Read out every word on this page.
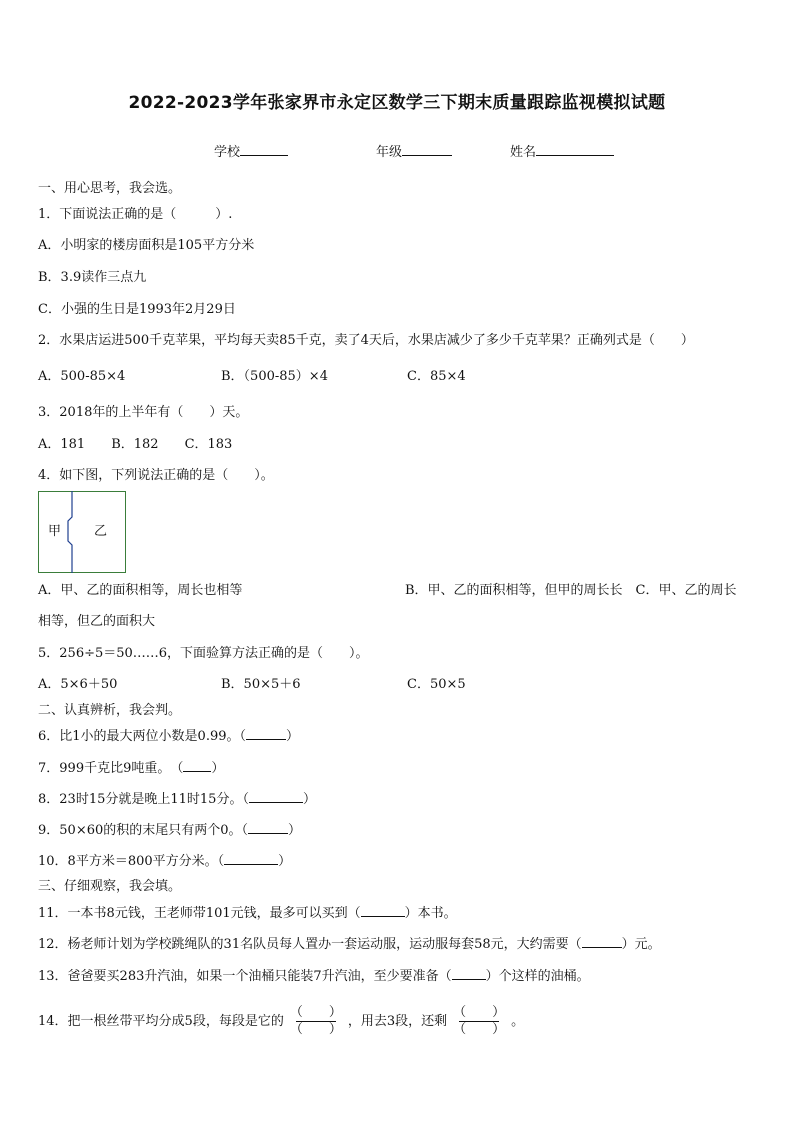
2022-2023学年张家界市永定区数学三下期末质量跟踪监视模拟试题
学校	年级	姓名
一、用心思考，我会选。
1．下面说法正确的是（　　　）.
A．小明家的楼房面积是105平方分米
B．3.9读作三点九
C．小强的生日是1993年2月29日
2．水果店运进500千克苹果，平均每天卖85千克，卖了4天后，水果店减少了多少千克苹果？正确列式是（　　）
A．500-85×4	B．（500-85）×4	C．85×4
3．2018年的上半年有（　　）天。
A．181　　B．182　　C．183
4．如下图，下列说法正确的是（　　）。
甲	乙
A．甲、乙的面积相等，周长也相等	B．甲、乙的面积相等，但甲的周长长　C．甲、乙的周长
相等，但乙的面积大
5．256÷5＝50……6，下面验算方法正确的是（　　）。
A．5×6＋50	B．50×5＋6	C．50×5
二、认真辨析，我会判。
6．比1小的最大两位小数是0.99。（	）
7．999千克比9吨重。　（ ）
8．23时15分就是晚上11时15分。（	）
9．50×60的积的末尾只有两个0。（	）
10．8平方米＝800平方分米。（	）
三、仔细观察，我会填。
11．一本书8元钱，王老师带101元钱，最多可以买到（	）本书。
12．杨老师计划为学校跳绳队的31名队员每人置办一套运动服，运动服每套58元，大约需要（	）元。
13．爸爸要买283升汽油，如果一个油桶只能装7升汽油，至少要准备（	）个这样的油桶。
14．把一根丝带平均分成5段，每段是它的 $\frac{( )}{( )}$ ，用去3段，还剩 $\frac{( )}{( )}$ 。
